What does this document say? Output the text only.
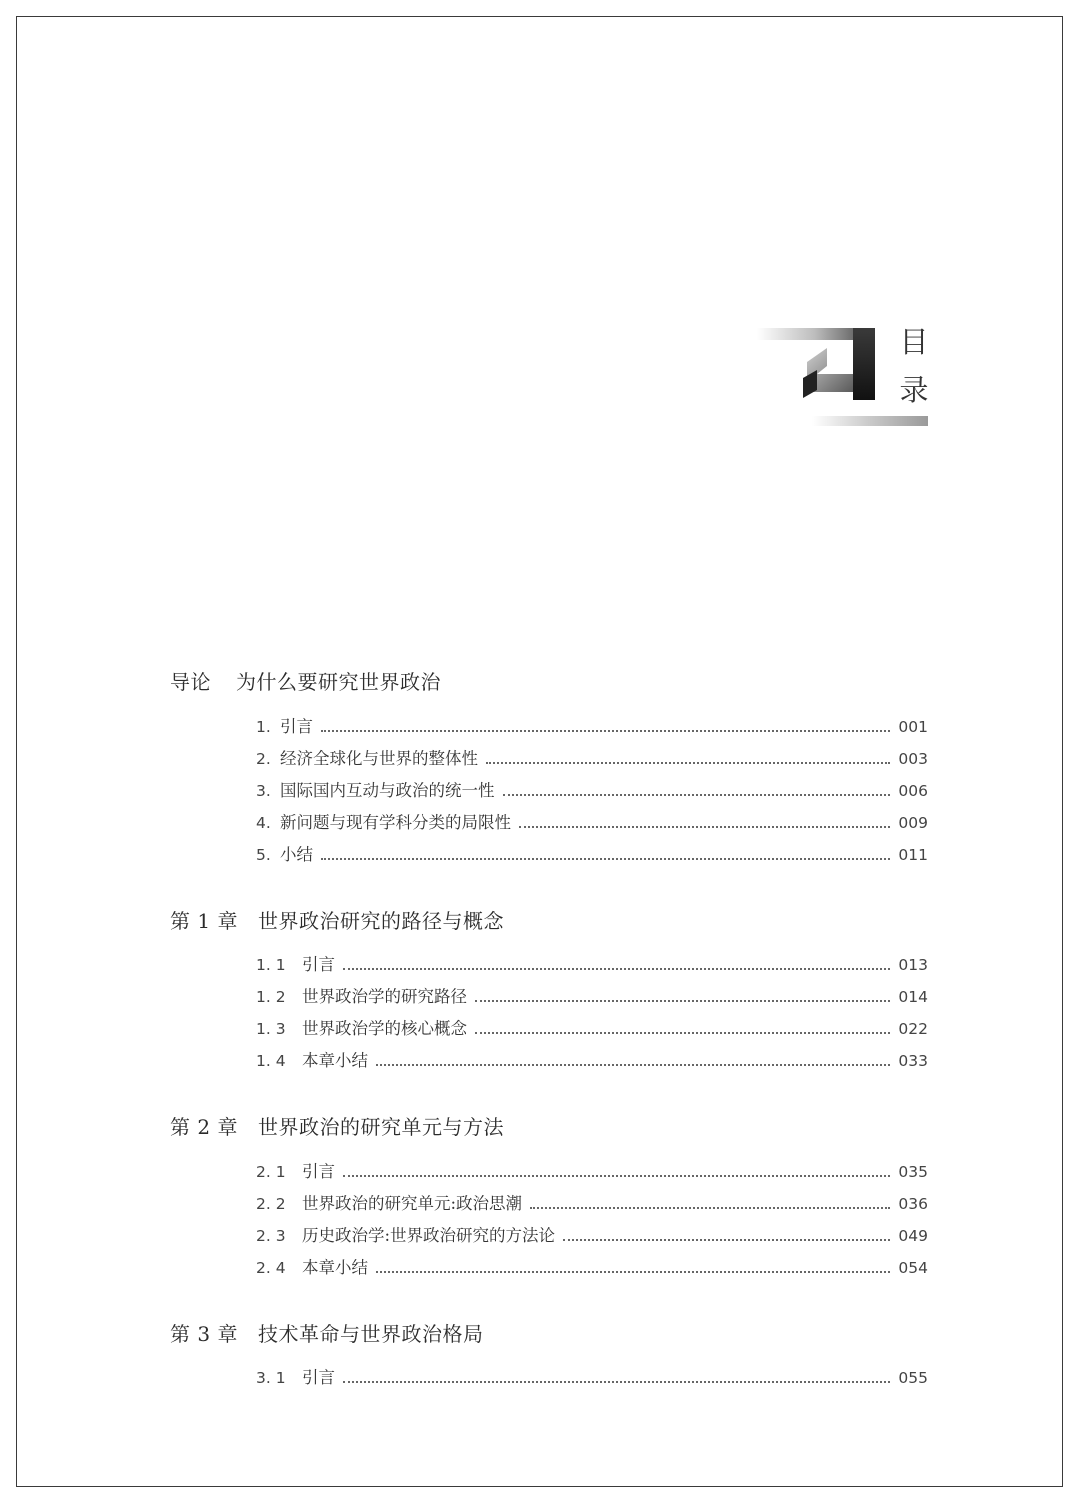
目
录
导论 为什么要研究世界政治
1. 引言	001
2. 经济全球化与世界的整体性	003
3. 国际国内互动与政治的统一性	006
4. 新问题与现有学科分类的局限性	009
5. 小结	011
第 1 章 世界政治研究的路径与概念
1. 1 引言	013
1. 2 世界政治学的研究路径	014
1. 3 世界政治学的核心概念	022
1. 4 本章小结	033
第 2 章 世界政治的研究单元与方法
2. 1 引言	035
2. 2 世界政治的研究单元:政治思潮	036
2. 3 历史政治学:世界政治研究的方法论	049
2. 4 本章小结	054
第 3 章 技术革命与世界政治格局
3. 1 引言	055
